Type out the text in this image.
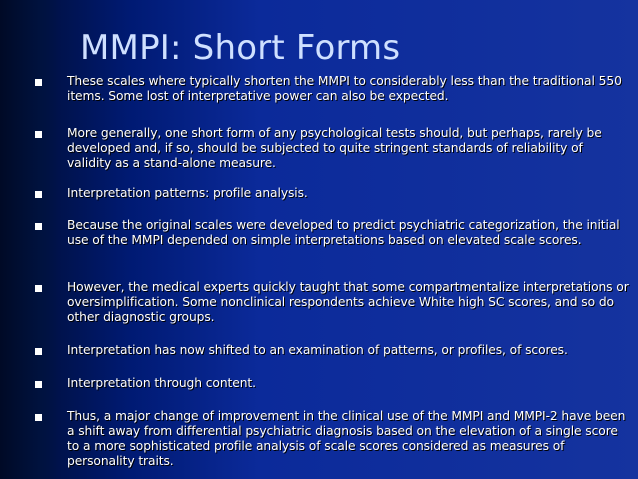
MMPI: Short Forms

These scales where typically shorten the MMPI to considerably less than the traditional 550 items. Some lost of interpretative power can also be expected.

More generally, one short form of any psychological tests should, but perhaps, rarely be developed and, if so, should be subjected to quite stringent standards of reliability of validity as a stand-alone measure.

Interpretation patterns: profile analysis.

Because the original scales were developed to predict psychiatric categorization, the initial use of the MMPI depended on simple interpretations based on elevated scale scores.

However, the medical experts quickly taught that some compartmentalize interpretations or oversimplification. Some nonclinical respondents achieve White high SC scores, and so do other diagnostic groups.

Interpretation has now shifted to an examination of patterns, or profiles, of scores.

Interpretation through content.

Thus, a major change of improvement in the clinical use of the MMPI and MMPI-2 have been a shift away from differential psychiatric diagnosis based on the elevation of a single score to a more sophisticated profile analysis of scale scores considered as measures of personality traits.
